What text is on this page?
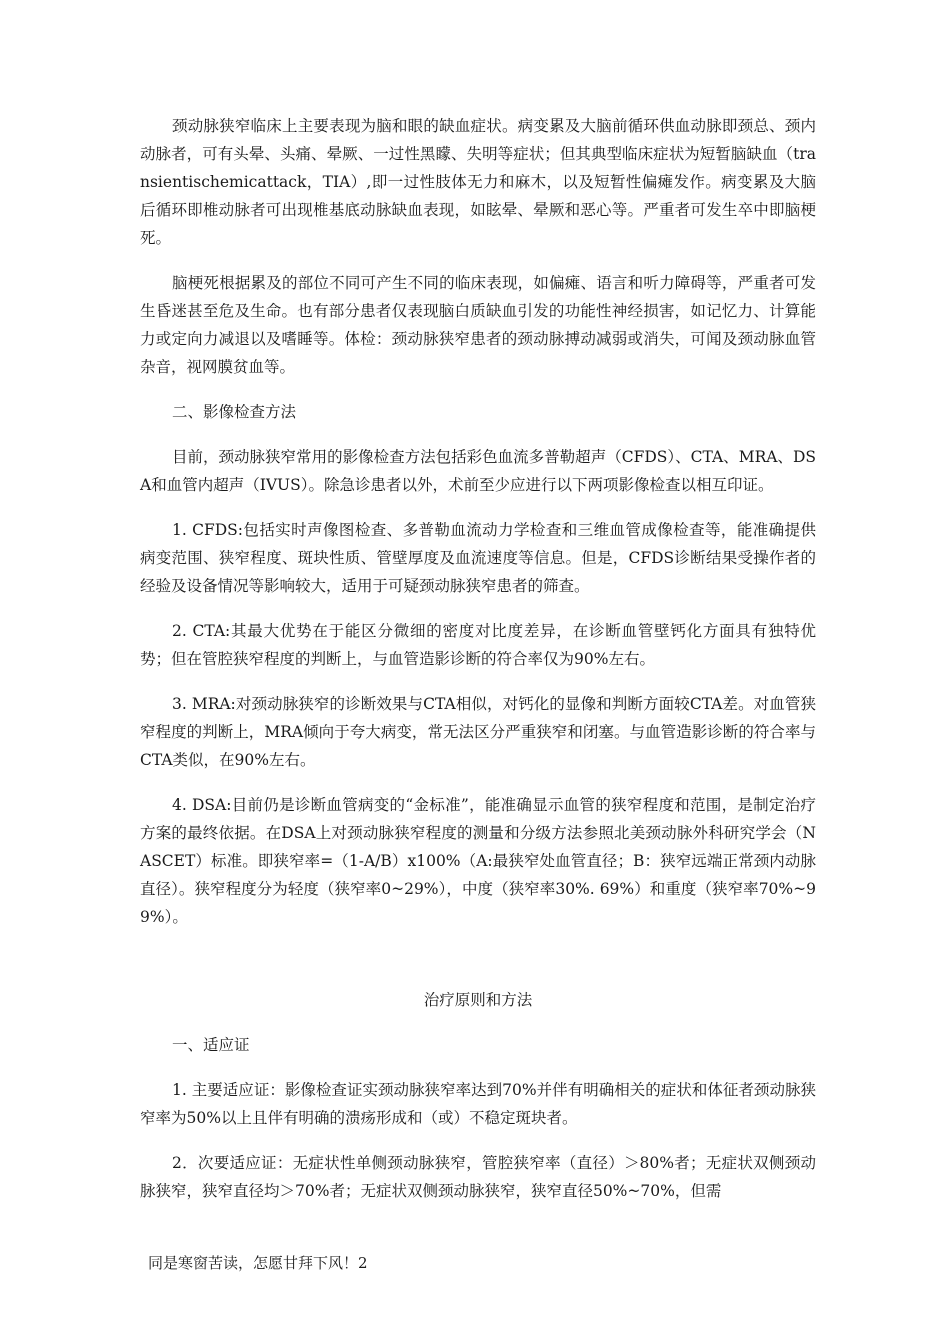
颈动脉狭窄临床上主要表现为脑和眼的缺血症状。病变累及大脑前循环供血动脉即颈总、颈内动脉者，可有头晕、头痛、晕厥、一过性黑矇、失明等症状；但其典型临床症状为短暂脑缺血（transientischemicattack，TIA）,即一过性肢体无力和麻木，以及短暂性偏瘫发作。病变累及大脑后循环即椎动脉者可出现椎基底动脉缺血表现，如眩晕、晕厥和恶心等。严重者可发生卒中即脑梗死。

脑梗死根据累及的部位不同可产生不同的临床表现，如偏瘫、语言和听力障碍等，严重者可发生昏迷甚至危及生命。也有部分患者仅表现脑白质缺血引发的功能性神经损害，如记忆力、计算能力或定向力减退以及嗜睡等。体检：颈动脉狭窄患者的颈动脉搏动减弱或消失，可闻及颈动脉血管杂音，视网膜贫血等。

二、影像检查方法

目前，颈动脉狭窄常用的影像检查方法包括彩色血流多普勒超声（CFDS）、CTA、MRA、DSA和血管内超声（IVUS）。除急诊患者以外，术前至少应进行以下两项影像检查以相互印证。

1. CFDS:包括实时声像图检查、多普勒血流动力学检查和三维血管成像检查等，能准确提供病变范围、狭窄程度、斑块性质、管壁厚度及血流速度等信息。但是，CFDS诊断结果受操作者的经验及设备情况等影响较大，适用于可疑颈动脉狭窄患者的筛查。

2. CTA:其最大优势在于能区分微细的密度对比度差异，在诊断血管壁钙化方面具有独特优势；但在管腔狭窄程度的判断上，与血管造影诊断的符合率仅为90%左右。

3. MRA:对颈动脉狭窄的诊断效果与CTA相似，对钙化的显像和判断方面较CTA差。对血管狭窄程度的判断上，MRA倾向于夸大病变，常无法区分严重狭窄和闭塞。与血管造影诊断的符合率与CTA类似，在90%左右。

4. DSA:目前仍是诊断血管病变的“金标准”，能准确显示血管的狭窄程度和范围，是制定治疗方案的最终依据。在DSA上对颈动脉狭窄程度的测量和分级方法参照北美颈动脉外科研究学会（NASCET）标准。即狭窄率=（1-A/B）x100%（A:最狭窄处血管直径；B：狭窄远端正常颈内动脉直径）。狭窄程度分为轻度（狭窄率0~29%），中度（狭窄率30%. 69%）和重度（狭窄率70%~99%）。

治疗原则和方法

一、适应证

1. 主要适应证：影像检查证实颈动脉狭窄率达到70%并伴有明确相关的症状和体征者颈动脉狭窄率为50%以上且伴有明确的溃疡形成和（或）不稳定斑块者。

2．次要适应证：无症状性单侧颈动脉狭窄，管腔狭窄率（直径）＞80%者；无症状双侧颈动脉狭窄，狭窄直径均＞70%者；无症状双侧颈动脉狭窄，狭窄直径50%~70%，但需

同是寒窗苦读，怎愿甘拜下风！2
